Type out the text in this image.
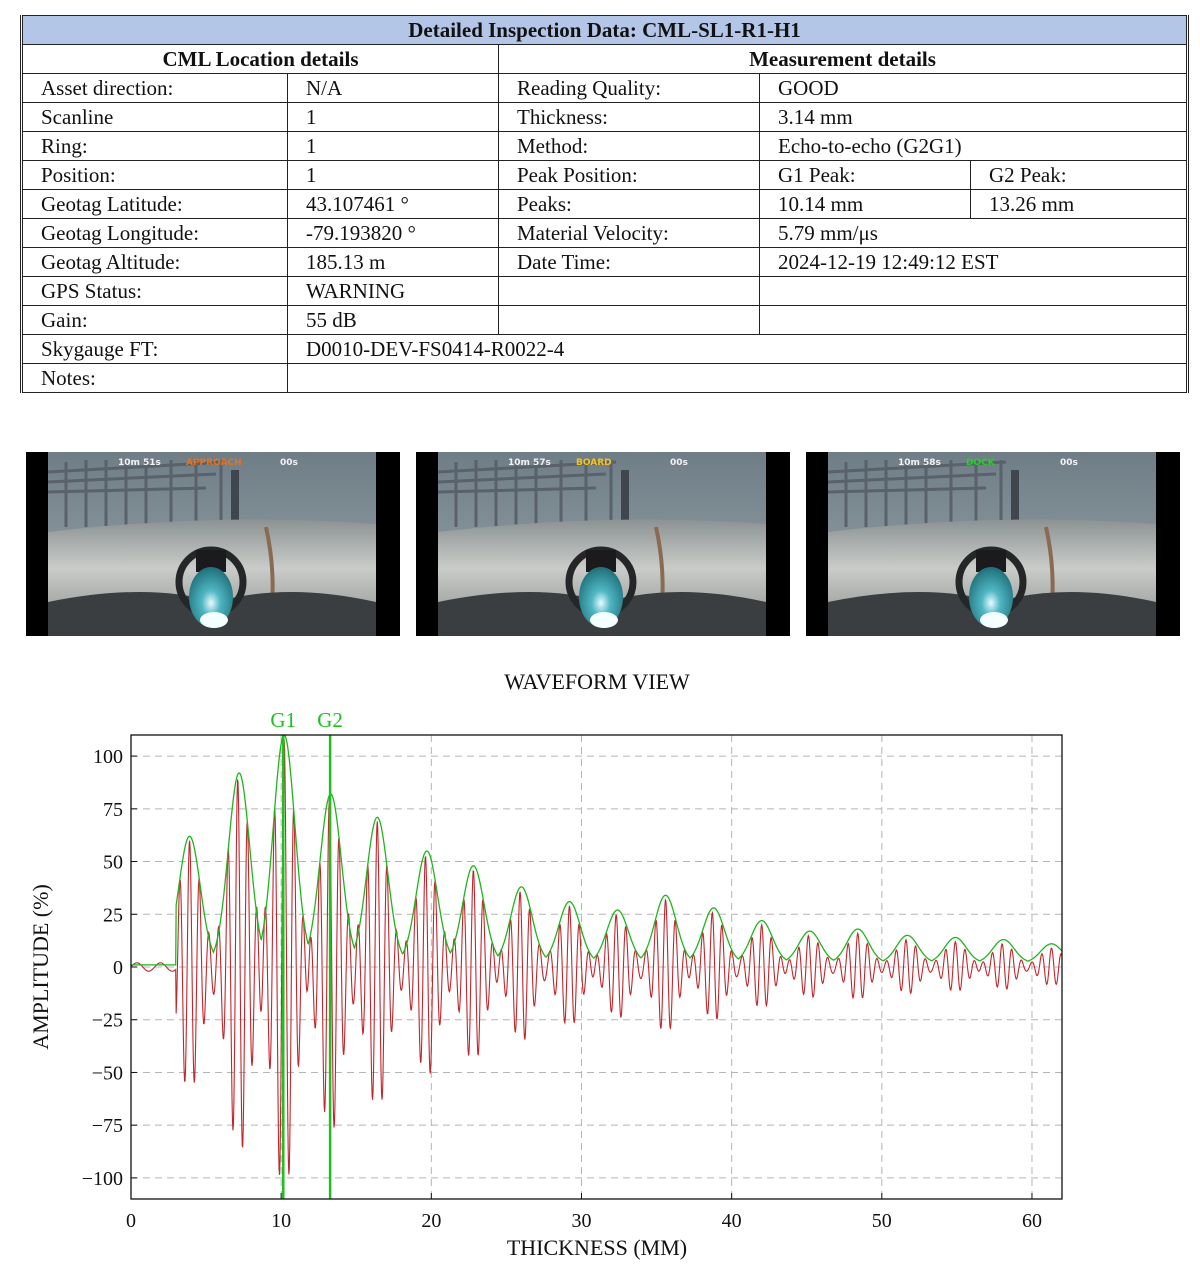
Detailed Inspection Data: CML-SL1-R1-H1				
CML Location details		Measurement details		
Asset direction:	N/A	Reading Quality:	GOOD	
Scanline	1	Thickness:	3.14 mm	
Ring:	1	Method:	Echo-to-echo (G2G1)	
Position:	1	Peak Position:	G1 Peak:	G2 Peak:
Geotag Latitude:	43.107461 °	Peaks:	10.14 mm	13.26 mm
Geotag Longitude:	-79.193820 °	Material Velocity:	5.79 mm/μs	
Geotag Altitude:	185.13 m	Date Time:	2024-12-19 12:49:12 EST	
GPS Status:	WARNING			
Gain:	55 dB			
Skygauge FT:	D0010-DEV-FS0414-R0022-4			
Notes:				
10m 51s	APPROACH	00s	10m 57s	BOARD	00s	10m 58s	DOCK	00s
WAVEFORM VIEW
0	10	20	30	40	50	60
100
75
50
25
0
−25
−50
−75
−100
G1 G2
THICKNESS (MM)
AMPLITUDE (%)
